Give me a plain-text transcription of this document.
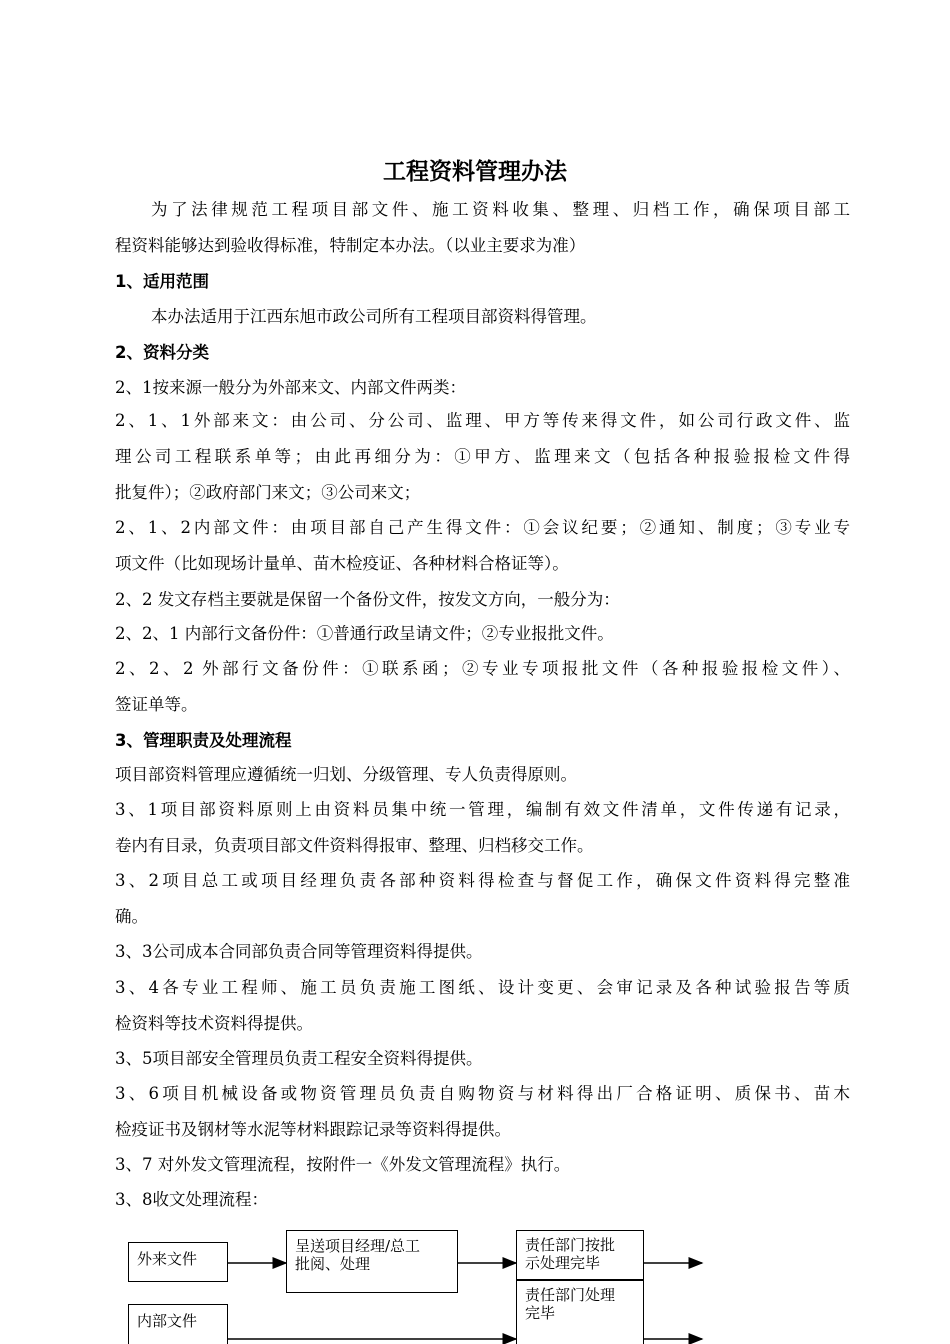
工程资料管理办法
为了法律规范工程项目部文件、施工资料收集、整理、归档工作，确保项目部工
程资料能够达到验收得标准，特制定本办法。（以业主要求为准）
1、适用范围
本办法适用于江西东旭市政公司所有工程项目部资料得管理。
2、资料分类
2、1按来源一般分为外部来文、内部文件两类：
2、1、1外部来文：由公司、分公司、监理、甲方等传来得文件，如公司行政文件、监
理公司工程联系单等；由此再细分为：①甲方、监理来文（包括各种报验报检文件得
批复件）；②政府部门来文；③公司来文；
2、1、2内部文件：由项目部自己产生得文件：①会议纪要；②通知、制度；③专业专
项文件（比如现场计量单、苗木检疫证、各种材料合格证等）。
2、2 发文存档主要就是保留一个备份文件，按发文方向，一般分为：
2、2、1 内部行文备份件：①普通行政呈请文件；②专业报批文件。
2、2、2 外部行文备份件：①联系函；②专业专项报批文件（各种报验报检文件）、
签证单等。
3、管理职责及处理流程
项目部资料管理应遵循统一归划、分级管理、专人负责得原则。
3、1项目部资料原则上由资料员集中统一管理，编制有效文件清单，文件传递有记录，
卷内有目录，负责项目部文件资料得报审、整理、归档移交工作。
3、2项目总工或项目经理负责各部种资料得检查与督促工作，确保文件资料得完整准
确。
3、3公司成本合同部负责合同等管理资料得提供。
3、4各专业工程师、施工员负责施工图纸、设计变更、会审记录及各种试验报告等质
检资料等技术资料得提供。
3、5项目部安全管理员负责工程安全资料得提供。
3、6项目机械设备或物资管理员负责自购物资与材料得出厂合格证明、质保书、苗木
检疫证书及钢材等水泥等材料跟踪记录等资料得提供。
3、7 对外发文管理流程，按附件一《外发文管理流程》执行。
3、8收文处理流程：
外来文件
呈送项目经理/总工
批阅、处理
责任部门按批
示处理完毕
责任部门处理
完毕
内部文件
